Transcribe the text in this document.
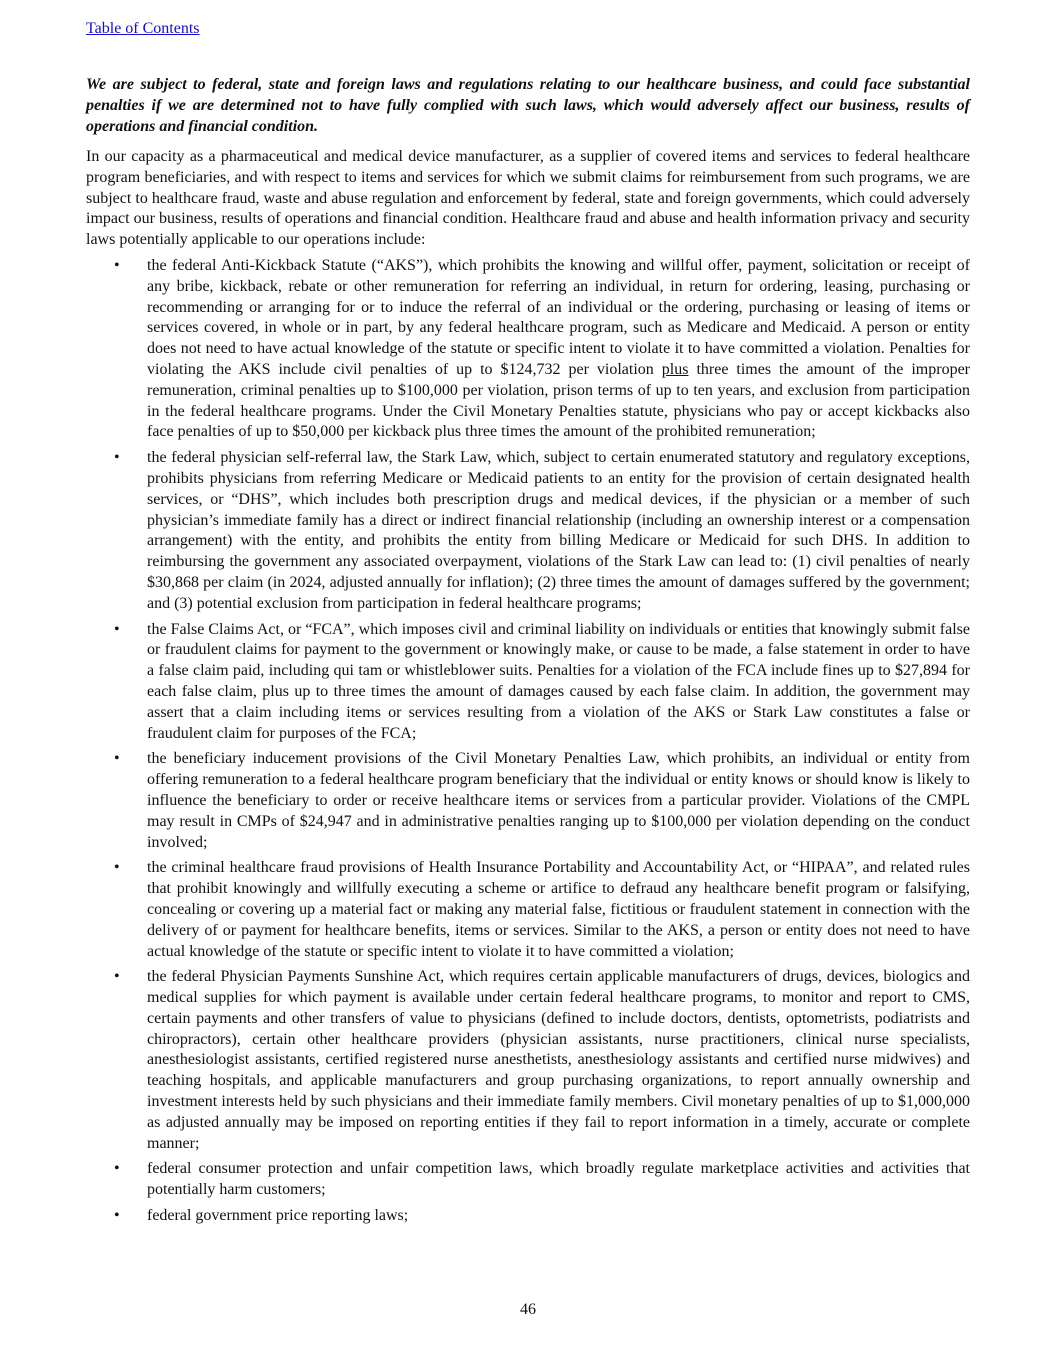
Table of Contents

We are subject to federal, state and foreign laws and regulations relating to our healthcare business, and could face substantial penalties if we are determined not to have fully complied with such laws, which would adversely affect our business, results of operations and financial condition.

In our capacity as a pharmaceutical and medical device manufacturer, as a supplier of covered items and services to federal healthcare program beneficiaries, and with respect to items and services for which we submit claims for reimbursement from such programs, we are subject to healthcare fraud, waste and abuse regulation and enforcement by federal, state and foreign governments, which could adversely impact our business, results of operations and financial condition. Healthcare fraud and abuse and health information privacy and security laws potentially applicable to our operations include:

• the federal Anti-Kickback Statute (“AKS”), which prohibits the knowing and willful offer, payment, solicitation or receipt of any bribe, kickback, rebate or other remuneration for referring an individual, in return for ordering, leasing, purchasing or recommending or arranging for or to induce the referral of an individual or the ordering, purchasing or leasing of items or services covered, in whole or in part, by any federal healthcare program, such as Medicare and Medicaid. A person or entity does not need to have actual knowledge of the statute or specific intent to violate it to have committed a violation. Penalties for violating the AKS include civil penalties of up to $124,732 per violation plus three times the amount of the improper remuneration, criminal penalties up to $100,000 per violation, prison terms of up to ten years, and exclusion from participation in the federal healthcare programs. Under the Civil Monetary Penalties statute, physicians who pay or accept kickbacks also face penalties of up to $50,000 per kickback plus three times the amount of the prohibited remuneration;
• the federal physician self-referral law, the Stark Law, which, subject to certain enumerated statutory and regulatory exceptions, prohibits physicians from referring Medicare or Medicaid patients to an entity for the provision of certain designated health services, or “DHS”, which includes both prescription drugs and medical devices, if the physician or a member of such physician’s immediate family has a direct or indirect financial relationship (including an ownership interest or a compensation arrangement) with the entity, and prohibits the entity from billing Medicare or Medicaid for such DHS. In addition to reimbursing the government any associated overpayment, violations of the Stark Law can lead to: (1) civil penalties of nearly $30,868 per claim (in 2024, adjusted annually for inflation); (2) three times the amount of damages suffered by the government; and (3) potential exclusion from participation in federal healthcare programs;
• the False Claims Act, or “FCA”, which imposes civil and criminal liability on individuals or entities that knowingly submit false or fraudulent claims for payment to the government or knowingly make, or cause to be made, a false statement in order to have a false claim paid, including qui tam or whistleblower suits. Penalties for a violation of the FCA include fines up to $27,894 for each false claim, plus up to three times the amount of damages caused by each false claim. In addition, the government may assert that a claim including items or services resulting from a violation of the AKS or Stark Law constitutes a false or fraudulent claim for purposes of the FCA;
• the beneficiary inducement provisions of the Civil Monetary Penalties Law, which prohibits, an individual or entity from offering remuneration to a federal healthcare program beneficiary that the individual or entity knows or should know is likely to influence the beneficiary to order or receive healthcare items or services from a particular provider. Violations of the CMPL may result in CMPs of $24,947 and in administrative penalties ranging up to $100,000 per violation depending on the conduct involved;
• the criminal healthcare fraud provisions of Health Insurance Portability and Accountability Act, or “HIPAA”, and related rules that prohibit knowingly and willfully executing a scheme or artifice to defraud any healthcare benefit program or falsifying, concealing or covering up a material fact or making any material false, fictitious or fraudulent statement in connection with the delivery of or payment for healthcare benefits, items or services. Similar to the AKS, a person or entity does not need to have actual knowledge of the statute or specific intent to violate it to have committed a violation;
• the federal Physician Payments Sunshine Act, which requires certain applicable manufacturers of drugs, devices, biologics and medical supplies for which payment is available under certain federal healthcare programs, to monitor and report to CMS, certain payments and other transfers of value to physicians (defined to include doctors, dentists, optometrists, podiatrists and chiropractors), certain other healthcare providers (physician assistants, nurse practitioners, clinical nurse specialists, anesthesiologist assistants, certified registered nurse anesthetists, anesthesiology assistants and certified nurse midwives) and teaching hospitals, and applicable manufacturers and group purchasing organizations, to report annually ownership and investment interests held by such physicians and their immediate family members. Civil monetary penalties of up to $1,000,000 as adjusted annually may be imposed on reporting entities if they fail to report information in a timely, accurate or complete manner;
• federal consumer protection and unfair competition laws, which broadly regulate marketplace activities and activities that potentially harm customers;
• federal government price reporting laws;
46
